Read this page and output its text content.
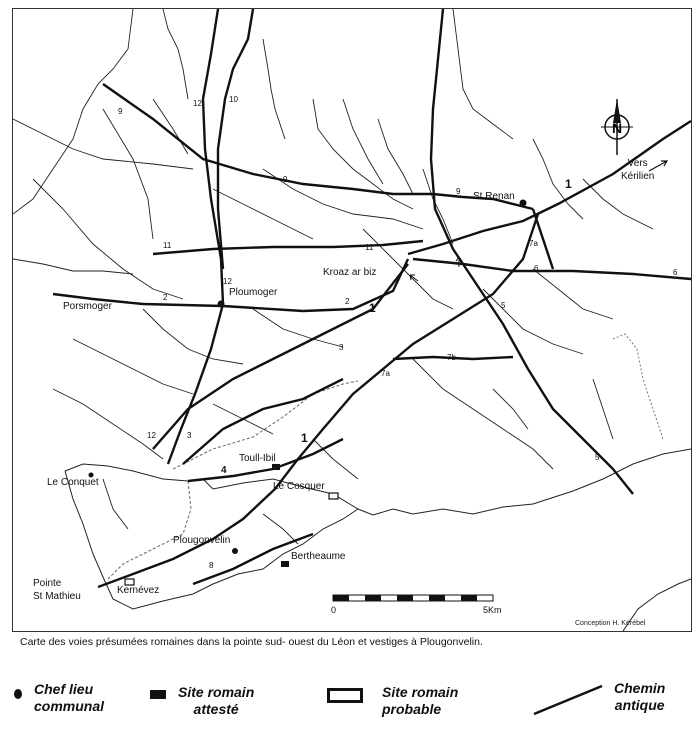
N
Vers
Kérilien
St Renan
Kroaz ar biz
Ploumoger
Porsmoger
Le Conquet
Toull-Ibil
Le Cosquer
Plougonvelin
Bertheaume
Pointe
St Mathieu
Kernévez
9
12	10
9
9
1
7a
11	11
6	6
12
2	2 1	5
3
7b
7a
12	3	1
4
5
8
0	5Km
Conception H. Kérébel
Carte des voies présumées romaines dans la pointe sud- ouest du Léon et vestiges à Plougonvelin.
Chef lieu
communal
Site romain
attesté
Site romain
probable
Chemin
antique
